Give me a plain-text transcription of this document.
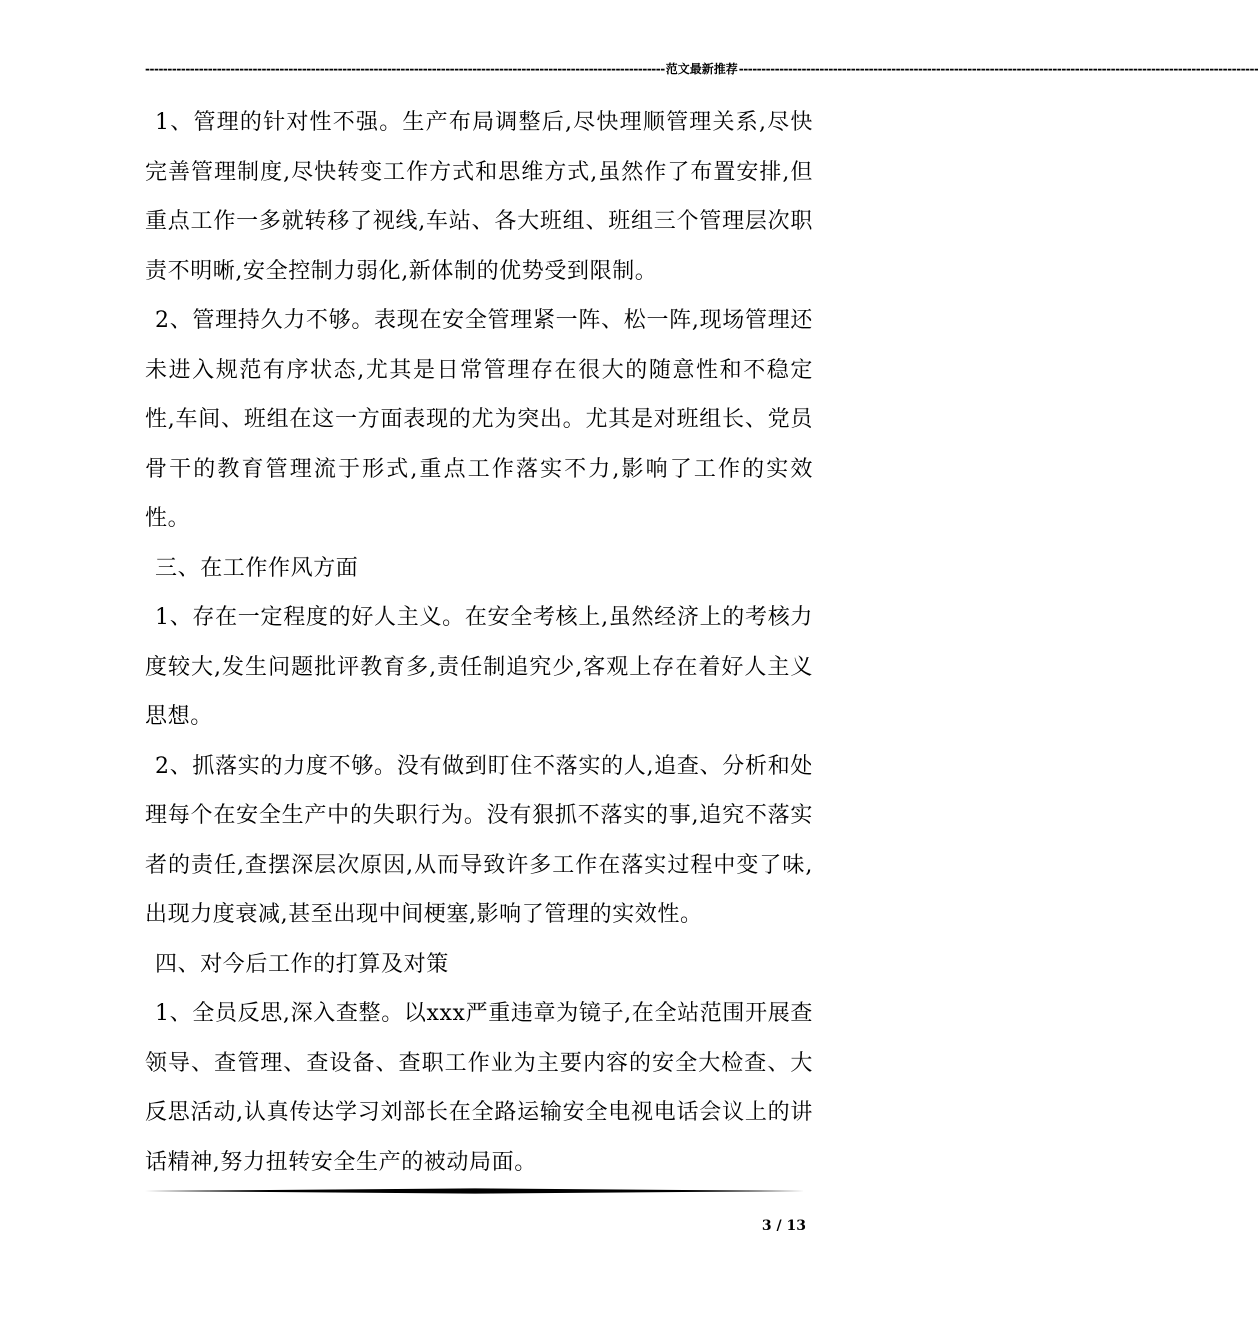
-------------------------------------------------------------------------------------------------------------------- 范文最新推荐 --------------------------------------------------------------------------------------------------------------------

1、管理的针对性不强。生产布局调整后,尽快理顺管理关系,尽快完善管理制度,尽快转变工作方式和思维方式,虽然作了布置安排,但重点工作一多就转移了视线,车站、各大班组、班组三个管理层次职责不明晰,安全控制力弱化,新体制的优势受到限制。

2、管理持久力不够。表现在安全管理紧一阵、松一阵,现场管理还未进入规范有序状态,尤其是日常管理存在很大的随意性和不稳定性,车间、班组在这一方面表现的尤为突出。尤其是对班组长、党员骨干的教育管理流于形式,重点工作落实不力,影响了工作的实效性。

三、在工作作风方面

1、存在一定程度的好人主义。在安全考核上,虽然经济上的考核力度较大,发生问题批评教育多,责任制追究少,客观上存在着好人主义思想。

2、抓落实的力度不够。没有做到盯住不落实的人,追查、分析和处理每个在安全生产中的失职行为。没有狠抓不落实的事,追究不落实者的责任,查摆深层次原因,从而导致许多工作在落实过程中变了味,出现力度衰减,甚至出现中间梗塞,影响了管理的实效性。

四、对今后工作的打算及对策

1、全员反思,深入查整。以xxx严重违章为镜子,在全站范围开展查领导、查管理、查设备、查职工作业为主要内容的安全大检查、大反思活动,认真传达学习刘部长在全路运输安全电视电话会议上的讲话精神,努力扭转安全生产的被动局面。

3 / 13
